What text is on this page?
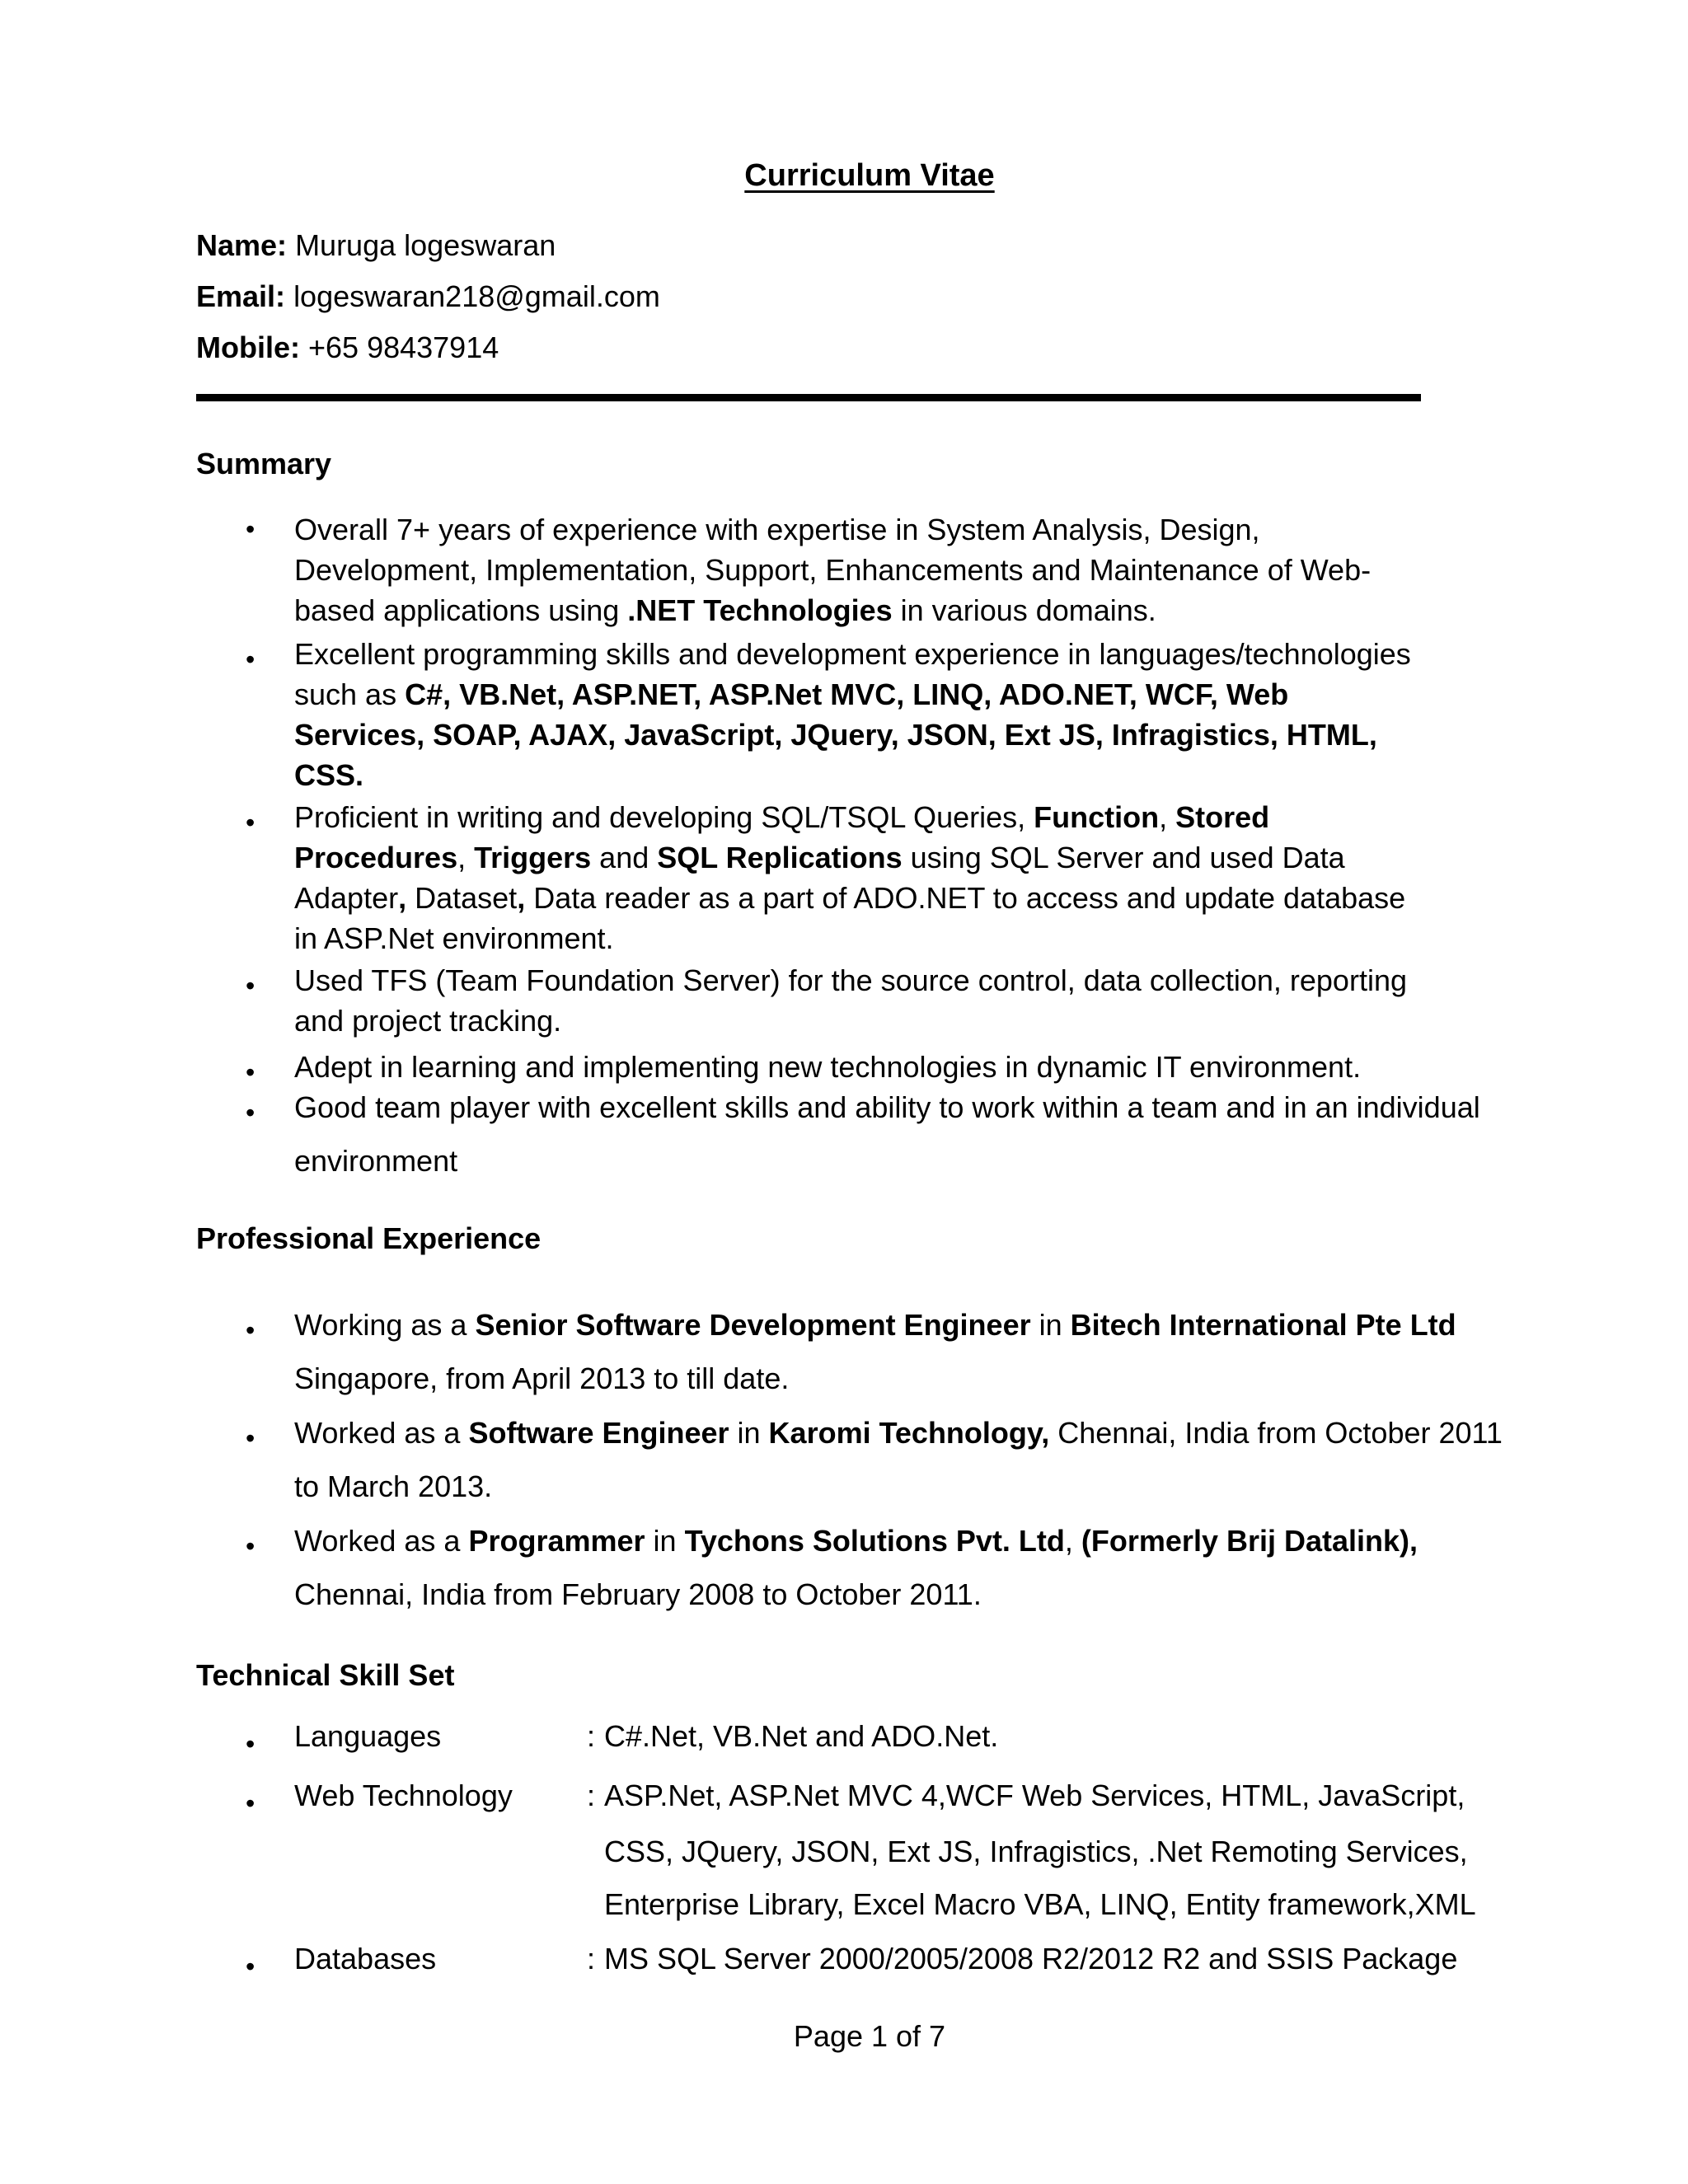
Curriculum Vitae
Name: Muruga logeswaran
Email: logeswaran218@gmail.com
Mobile: +65 98437914
Summary
• Overall 7+ years of experience with expertise in System Analysis, Design,
Development, Implementation, Support, Enhancements and Maintenance of Web-
based applications using .NET Technologies in various domains.
• Excellent programming skills and development experience in languages/technologies
such as C#, VB.Net, ASP.NET, ASP.Net MVC, LINQ, ADO.NET, WCF, Web
Services, SOAP, AJAX, JavaScript, JQuery, JSON, Ext JS, Infragistics, HTML,
CSS.
• Proficient in writing and developing SQL/TSQL Queries, Function, Stored
Procedures, Triggers and SQL Replications using SQL Server and used Data
Adapter, Dataset, Data reader as a part of ADO.NET to access and update database
in ASP.Net environment.
• Used TFS (Team Foundation Server) for the source control, data collection, reporting
and project tracking.
• Adept in learning and implementing new technologies in dynamic IT environment.
• Good team player with excellent skills and ability to work within a team and in an individual
environment
Professional Experience
• Working as a Senior Software Development Engineer in Bitech International Pte Ltd
Singapore, from April 2013 to till date.
• Worked as a Software Engineer in Karomi Technology, Chennai, India from October 2011
to March 2013.
• Worked as a Programmer in Tychons Solutions Pvt. Ltd, (Formerly Brij Datalink),
Chennai, India from February 2008 to October 2011.
Technical Skill Set
• Languages	: C#.Net, VB.Net and ADO.Net.
• Web Technology	: ASP.Net, ASP.Net MVC 4,WCF Web Services, HTML, JavaScript,
CSS, JQuery, JSON, Ext JS, Infragistics, .Net Remoting Services,
Enterprise Library, Excel Macro VBA, LINQ, Entity framework,XML
• Databases	: MS SQL Server 2000/2005/2008 R2/2012 R2 and SSIS Package
Page 1 of 7
